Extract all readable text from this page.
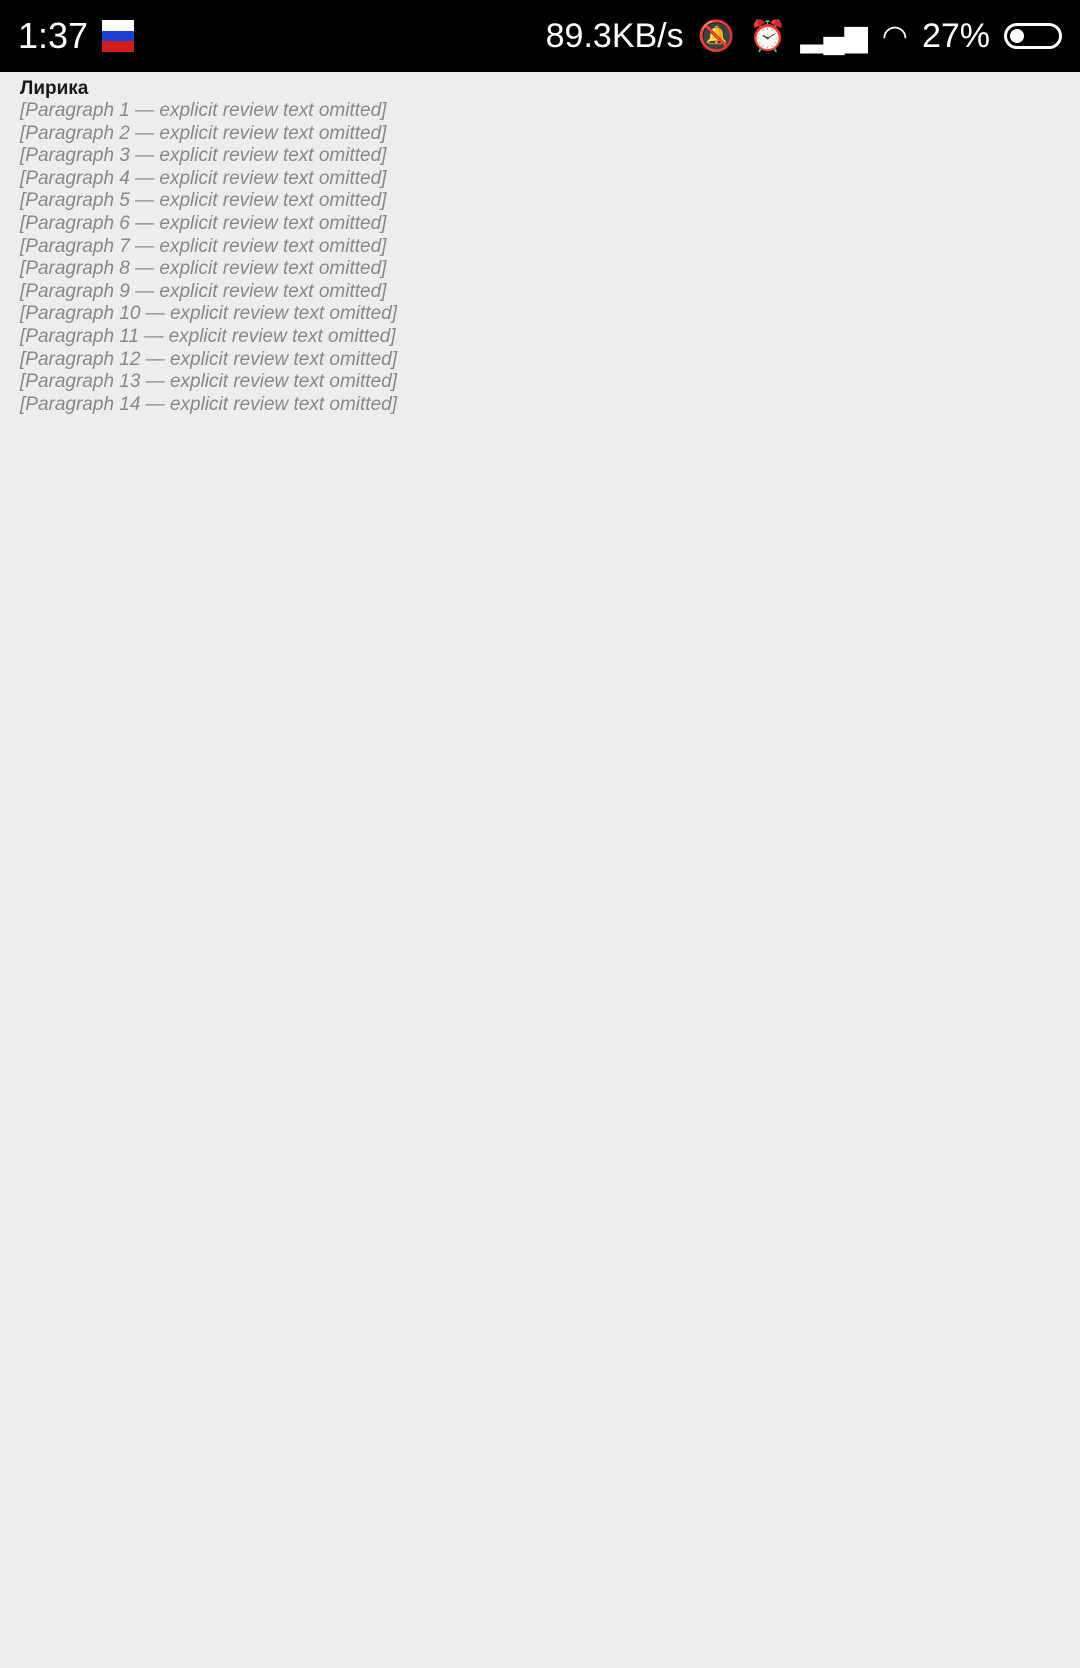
1:37	89.3KB/s 🔕 ⏰ ▂▄▆ ◠ 27%
Лирика

[Paragraph 1 — explicit review text omitted]

[Paragraph 2 — explicit review text omitted]

[Paragraph 3 — explicit review text omitted]

[Paragraph 4 — explicit review text omitted]

[Paragraph 5 — explicit review text omitted]

[Paragraph 6 — explicit review text omitted]

[Paragraph 7 — explicit review text omitted]

[Paragraph 8 — explicit review text omitted]

[Paragraph 9 — explicit review text omitted]

[Paragraph 10 — explicit review text omitted]

[Paragraph 11 — explicit review text omitted]

[Paragraph 12 — explicit review text omitted]

[Paragraph 13 — explicit review text omitted]

[Paragraph 14 — explicit review text omitted]
